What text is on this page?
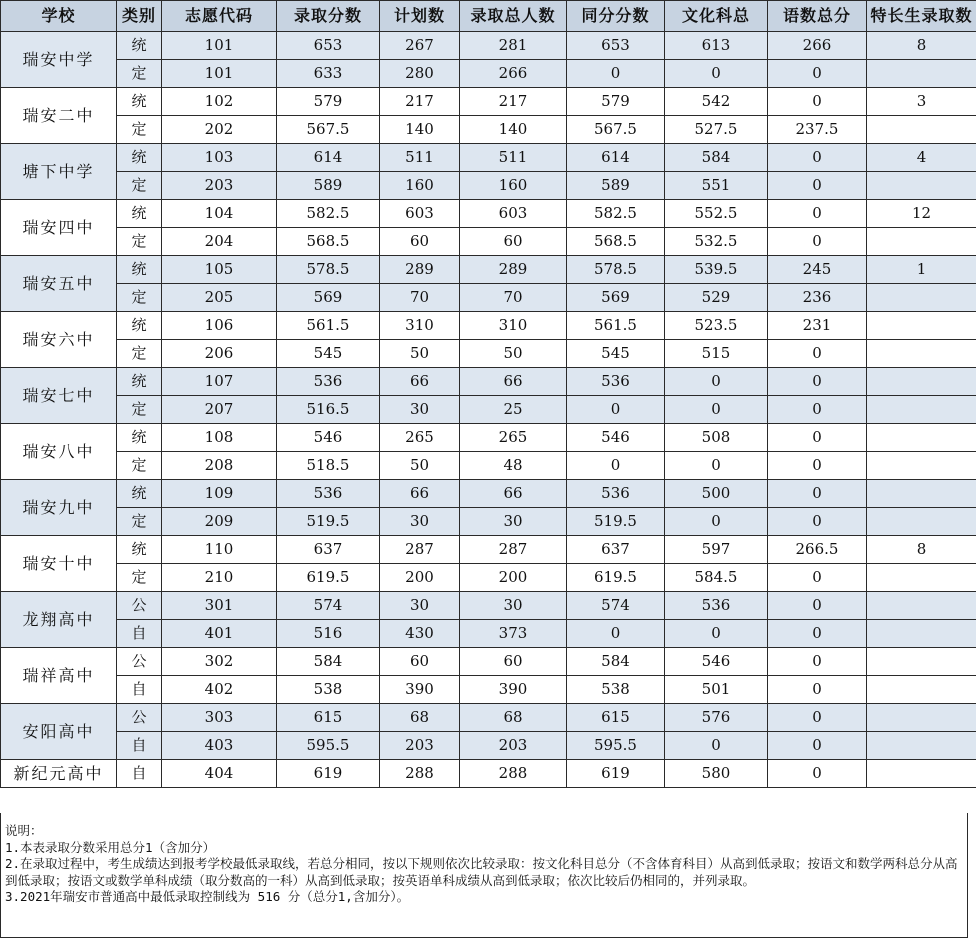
学校	类别	志愿代码	录取分数	计划数	录取总人数	同分分数	文化科总	语数总分	特长生录取数
瑞安中学	统	101	653	267	281	653	613	266	8
	定	101	633	280	266	0	0	0	
瑞安二中	统	102	579	217	217	579	542	0	3
	定	202	567.5	140	140	567.5	527.5	237.5	
塘下中学	统	103	614	511	511	614	584	0	4
	定	203	589	160	160	589	551	0	
瑞安四中	统	104	582.5	603	603	582.5	552.5	0	12
	定	204	568.5	60	60	568.5	532.5	0	
瑞安五中	统	105	578.5	289	289	578.5	539.5	245	1
	定	205	569	70	70	569	529	236	
瑞安六中	统	106	561.5	310	310	561.5	523.5	231	
	定	206	545	50	50	545	515	0	
瑞安七中	统	107	536	66	66	536	0	0	
	定	207	516.5	30	25	0	0	0	
瑞安八中	统	108	546	265	265	546	508	0	
	定	208	518.5	50	48	0	0	0	
瑞安九中	统	109	536	66	66	536	500	0	
	定	209	519.5	30	30	519.5	0	0	
瑞安十中	统	110	637	287	287	637	597	266.5	8
	定	210	619.5	200	200	619.5	584.5	0	
龙翔高中	公	301	574	30	30	574	536	0	
	自	401	516	430	373	0	0	0	
瑞祥高中	公	302	584	60	60	584	546	0	
	自	402	538	390	390	538	501	0	
安阳高中	公	303	615	68	68	615	576	0	
	自	403	595.5	203	203	595.5	0	0	
新纪元高中	自	404	619	288	288	619	580	0	
说明：
1.本表录取分数采用总分1（含加分）
2.在录取过程中，考生成绩达到报考学校最低录取线，若总分相同，按以下规则依次比较录取：按文化科目总分（不含体育科目）从高到低录取；按语文和数学两科总分从高到低录取；按语文或数学单科成绩（取分数高的一科）从高到低录取；按英语单科成绩从高到低录取；依次比较后仍相同的，并列录取。
3.2021年瑞安市普通高中最低录取控制线为 516 分（总分1,含加分）。
